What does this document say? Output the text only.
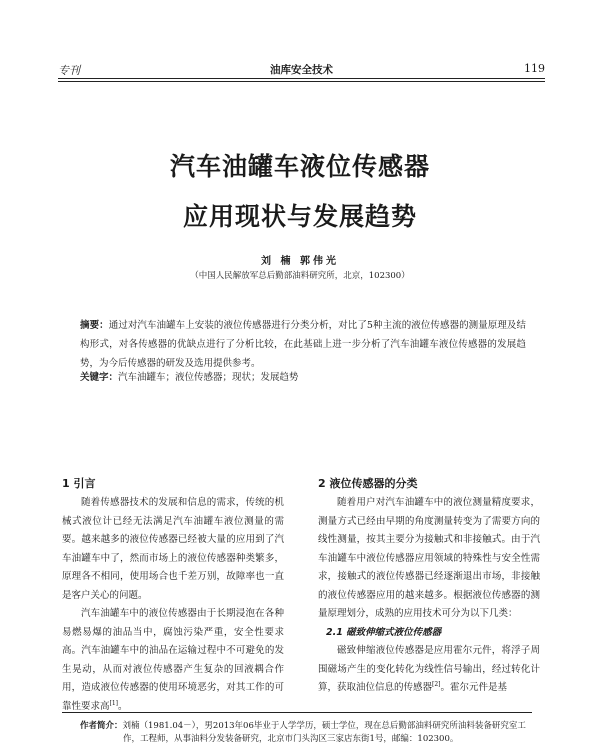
专刊	油库安全技术	119
汽车油罐车液位传感器
应用现状与发展趋势
刘 楠 郭伟光
（中国人民解放军总后勤部油料研究所，北京，102300）
摘要：通过对汽车油罐车上安装的液位传感器进行分类分析，对比了5种主流的液位传感器的测量原理及结构形式，对各传感器的优缺点进行了分析比较，在此基础上进一步分析了汽车油罐车液位传感器的发展趋势，为今后传感器的研发及选用提供参考。
关键字：汽车油罐车；液位传感器；现状；发展趋势
1 引言

随着传感器技术的发展和信息的需求，传统的机械式液位计已经无法满足汽车油罐车液位测量的需要。越来越多的液位传感器已经被大量的应用到了汽车油罐车中了，然而市场上的液位传感器种类繁多，原理各不相同，使用场合也千差万别，故障率也一直是客户关心的问题。

汽车油罐车中的液位传感器由于长期浸泡在各种易燃易爆的油品当中，腐蚀污染严重，安全性要求高。汽车油罐车中的油品在运输过程中不可避免的发生晃动，从而对液位传感器产生复杂的回液耦合作用，造成液位传感器的使用环境恶劣，对其工作的可靠性要求高[1]。

2 液位传感器的分类

随着用户对汽车油罐车中的液位测量精度要求，测量方式已经由早期的角度测量转变为了需要方向的线性测量，按其主要分为接触式和非接触式。由于汽车油罐车中液位传感器应用领域的特殊性与安全性需求，接触式的液位传感器已经逐渐退出市场，非接触的液位传感器应用的越来越多。根据液位传感器的测量原理划分，成熟的应用技术可分为以下几类：

2.1 磁致伸缩式液位传感器

磁致伸缩液位传感器是应用霍尔元件，将浮子周围磁场产生的变化转化为线性信号输出，经过转化计算，获取油位信息的传感器[2]。霍尔元件是基

作者简介：刘楠（1981.04－），男2013年06毕业于人学学历，硕士学位，现在总后勤部油料研究所油料装备研究室工
作，工程师，从事油料分发装备研究，北京市门头沟区三家店东街1号，邮编：102300。
